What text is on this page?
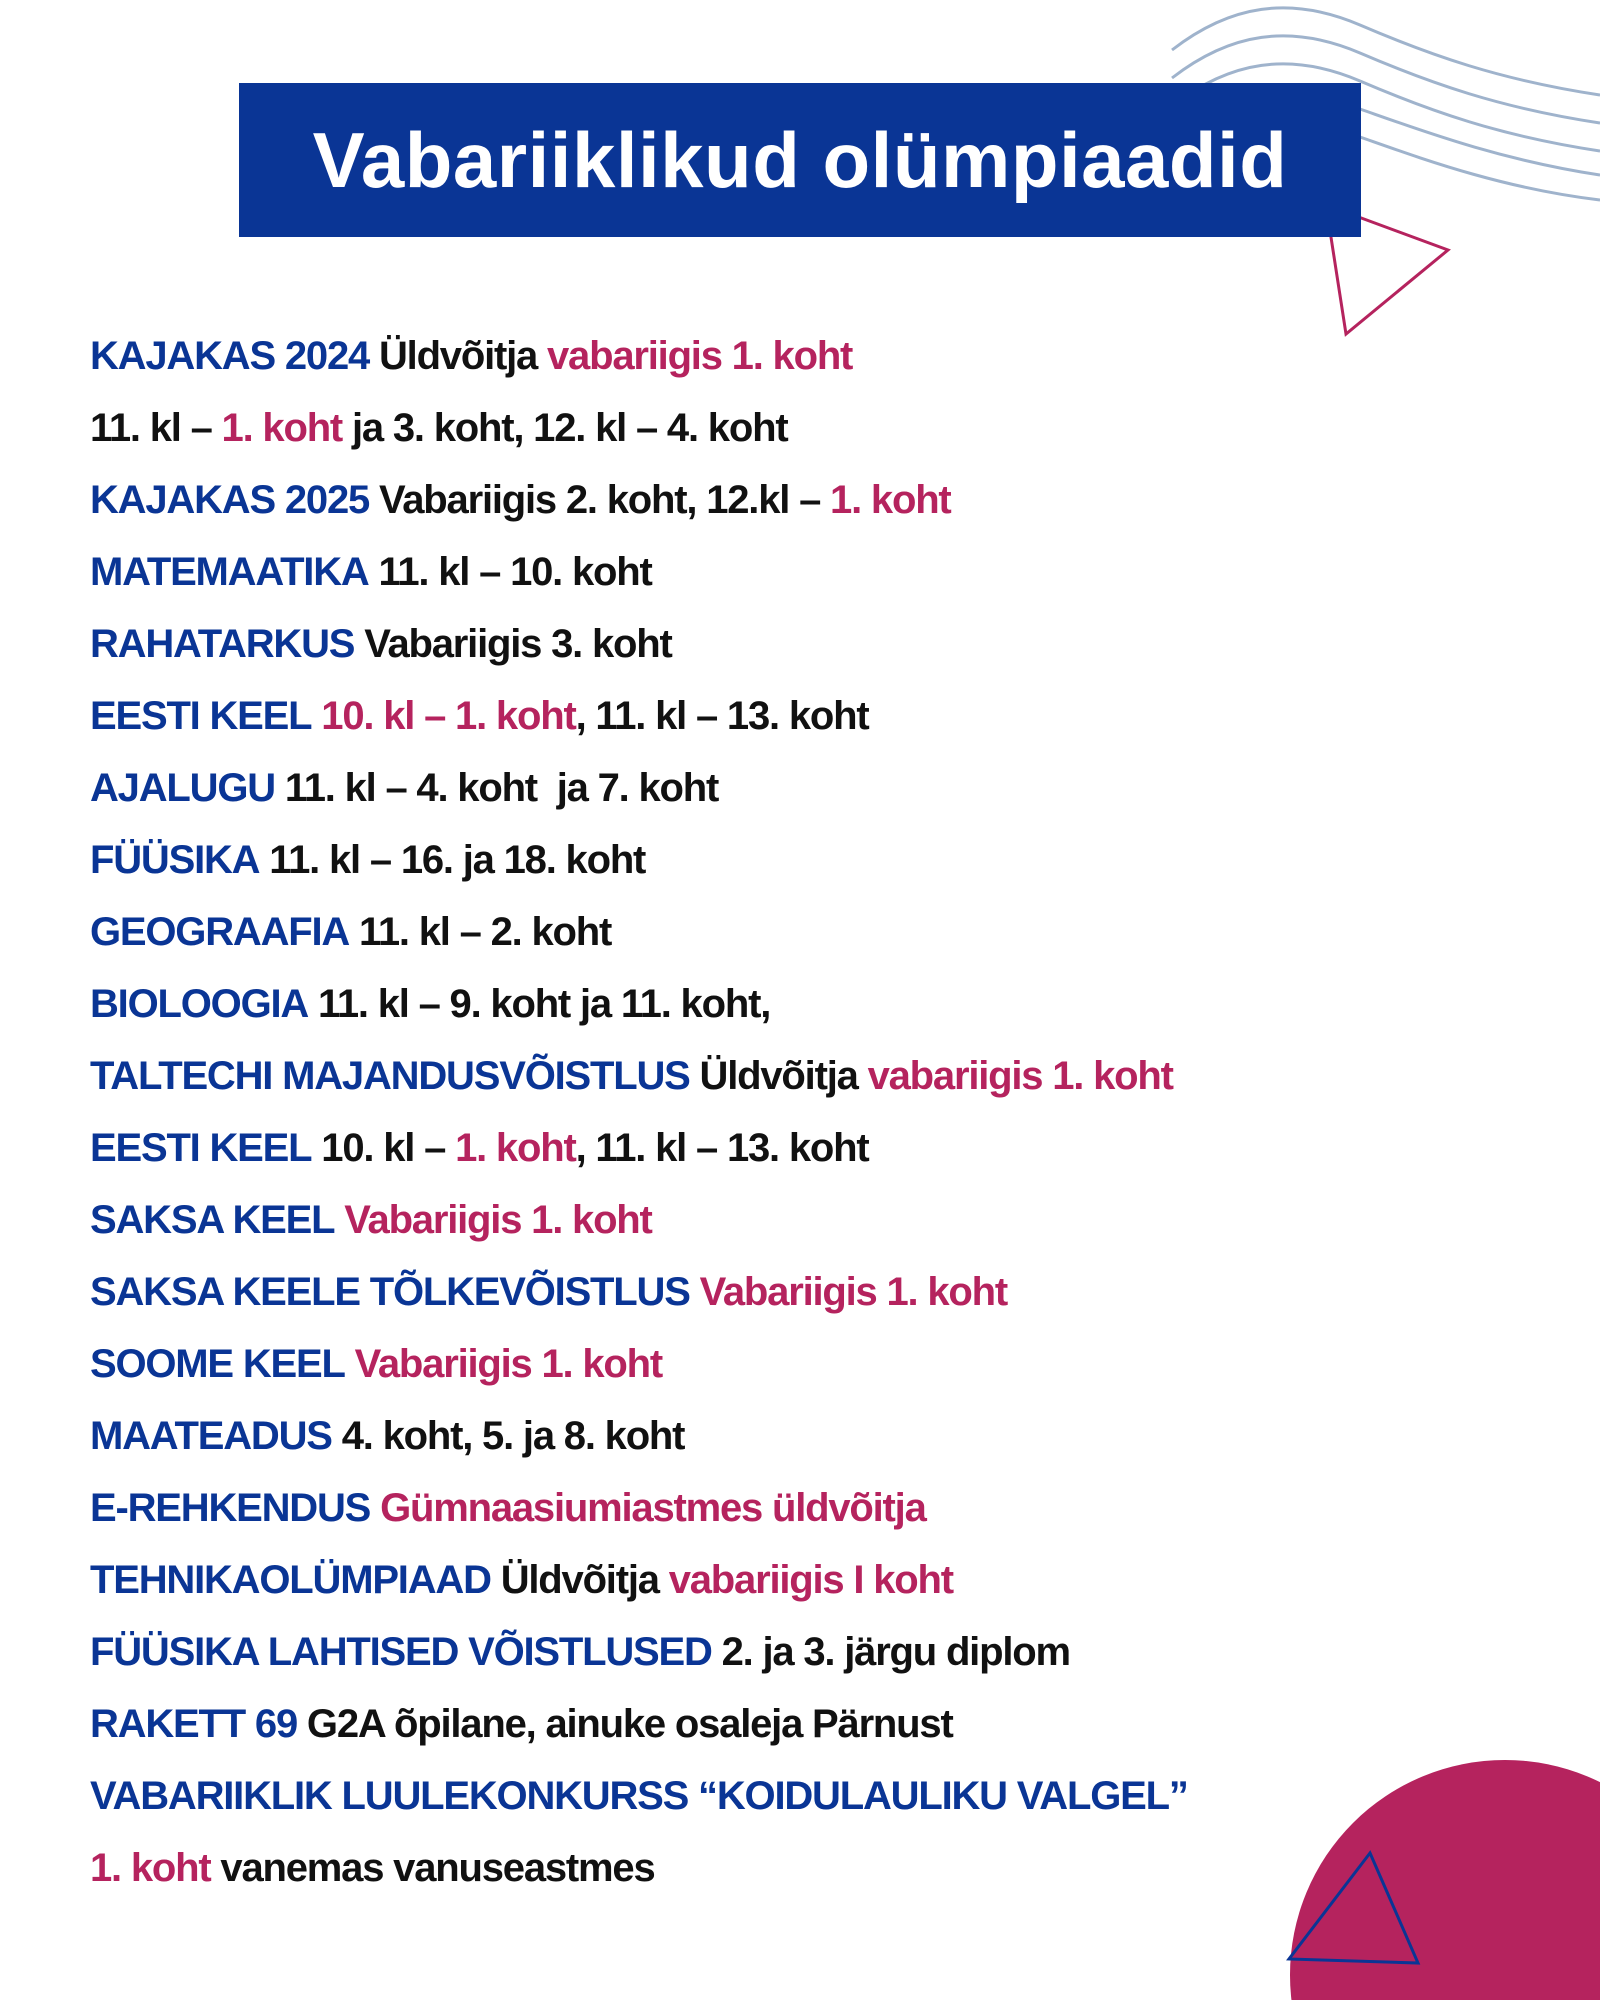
Vabariiklikud olümpiaadid
KAJAKAS 2024 Üldvõitja vabariigis 1. koht
11. kl – 1. koht ja 3. koht, 12. kl – 4. koht
KAJAKAS 2025 Vabariigis 2. koht, 12.kl – 1. koht
MATEMAATIKA 11. kl – 10. koht
RAHATARKUS Vabariigis 3. koht
EESTI KEEL 10. kl – 1. koht , 11. kl – 13. koht
AJALUGU 11. kl – 4. koht  ja 7. koht
FÜÜSIKA 11. kl – 16. ja 18. koht
GEOGRAAFIA 11. kl – 2. koht
BIOLOOGIA 11. kl – 9. koht ja 11. koht,
TALTECHI MAJANDUSVÕISTLUS Üldvõitja vabariigis 1. koht
EESTI KEEL 10. kl – 1. koht , 11. kl – 13. koht
SAKSA KEEL Vabariigis 1. koht
SAKSA KEELE TÕLKEVÕISTLUS Vabariigis 1. koht
SOOME KEEL Vabariigis 1. koht
MAATEADUS 4. koht, 5. ja 8. koht
E-REHKENDUS Gümnaasiumiastmes üldvõitja
TEHNIKAOLÜMPIAAD Üldvõitja vabariigis I koht
FÜÜSIKA LAHTISED VÕISTLUSED 2. ja 3. järgu diplom
RAKETT 69 G2A õpilane, ainuke osaleja Pärnust
VABARIIKLIK LUULEKONKURSS “KOIDULAULIKU VALGEL”
1. koht vanemas vanuseastmes
